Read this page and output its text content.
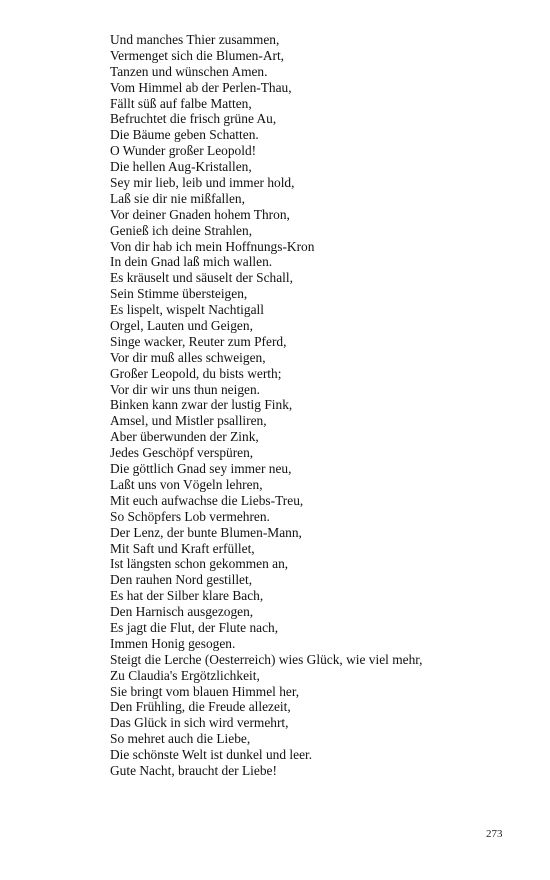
Und manches Thier zusammen,
Vermenget sich die Blumen-Art,
Tanzen und wünschen Amen.
Vom Himmel ab der Perlen-Thau,
Fällt süß auf falbe Matten,
Befruchtet die frisch grüne Au,
Die Bäume geben Schatten.
O Wunder großer Leopold!
Die hellen Aug-Kristallen,
Sey mir lieb, leib und immer hold,
Laß sie dir nie mißfallen,
Vor deiner Gnaden hohem Thron,
Genieß ich deine Strahlen,
Von dir hab ich mein Hoffnungs-Kron
In dein Gnad laß mich wallen.
Es kräuselt und säuselt der Schall,
Sein Stimme übersteigen,
Es lispelt, wispelt Nachtigall
Orgel, Lauten und Geigen,
Singe wacker, Reuter zum Pferd,
Vor dir muß alles schweigen,
Großer Leopold, du bists werth;
Vor dir wir uns thun neigen.
Binken kann zwar der lustig Fink,
Amsel, und Mistler psalliren,
Aber überwunden der Zink,
Jedes Geschöpf verspüren,
Die göttlich Gnad sey immer neu,
Laßt uns von Vögeln lehren,
Mit euch aufwachse die Liebs-Treu,
So Schöpfers Lob vermehren.
Der Lenz, der bunte Blumen-Mann,
Mit Saft und Kraft erfüllet,
Ist längsten schon gekommen an,
Den rauhen Nord gestillet,
Es hat der Silber klare Bach,
Den Harnisch ausgezogen,
Es jagt die Flut, der Flute nach,
Immen Honig gesogen.
Steigt die Lerche (Oesterreich) wies Glück, wie viel mehr,
Zu Claudia's Ergötzlichkeit,
Sie bringt vom blauen Himmel her,
Den Frühling, die Freude allezeit,
Das Glück in sich wird vermehrt,
So mehret auch die Liebe,
Die schönste Welt ist dunkel und leer.
Gute Nacht, braucht der Liebe!
273
